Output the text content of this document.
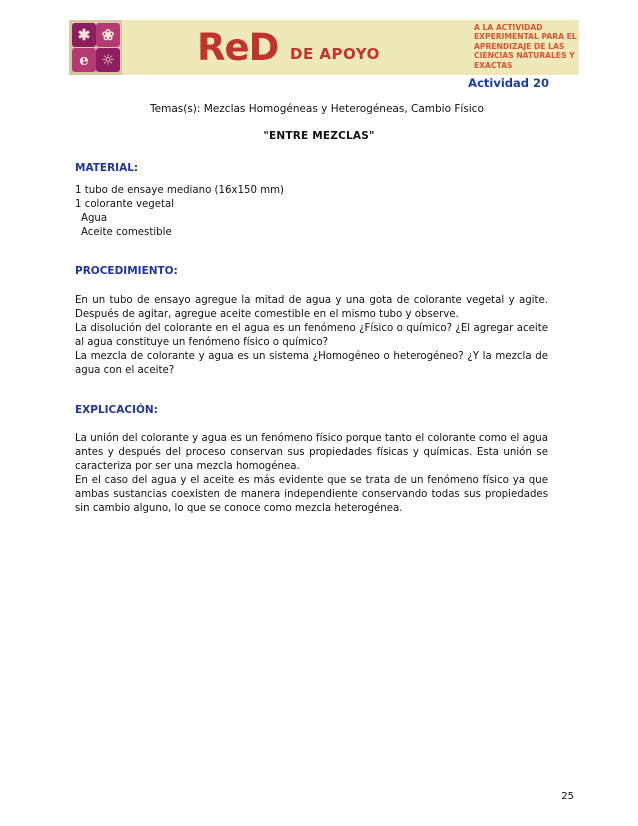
✱ ❀
e ☼ ReD DE APOYO
A LA ACTIVIDAD EXPERIMENTAL PARA EL APRENDIZAJE DE LAS CIENCIAS NATURALES Y EXACTAS
Actividad 20
Temas(s): Mezclas Homogéneas y Heterogéneas, Cambio Físico
"ENTRE MEZCLAS"
MATERIAL:

1 tubo de ensaye mediano (16x150 mm)

1 colorante vegetal

Agua

Aceite comestible

PROCEDIMIENTO:

En un tubo de ensayo agregue la mitad de agua y una gota de colorante vegetal y agite. Después de agitar, agregue aceite comestible en el mismo tubo y observe.

La disolución del colorante en el agua es un fenómeno ¿Físico o químico? ¿El agregar aceite al agua constituye un fenómeno físico o químico?

La mezcla de colorante y agua es un sistema ¿Homogéneo o heterogéneo? ¿Y la mezcla de agua con el aceite?

EXPLICACIÓN:

La unión del colorante y agua es un fenómeno físico porque tanto el colorante como el agua antes y después del proceso conservan sus propiedades físicas y químicas. Esta unión se caracteriza por ser una mezcla homogénea.

En el caso del agua y el aceite es más evidente que se trata de un fenómeno físico ya que ambas sustancias coexisten de manera independiente conservando todas sus propiedades sin cambio alguno, lo que se conoce como mezcla heterogénea.

25
